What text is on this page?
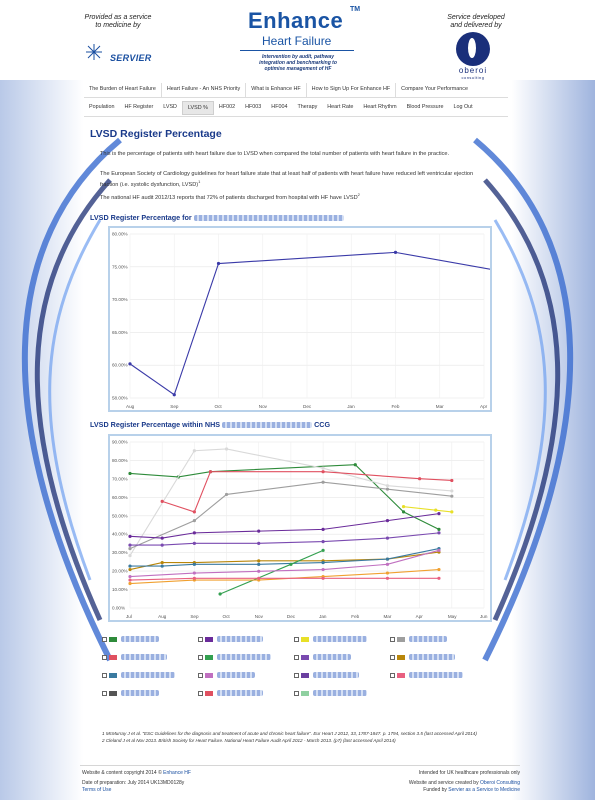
Provided as a service
to medicine by
SERVIER
Enhance TM
Heart Failure
Intervention by audit, pathway integration and benchmarking to optimise management of HF
Service developed
and delivered by
oberoi
consulting
The Burden of Heart Failure	Heart Failure - An NHS Priority	What is Enhance HF	How to Sign Up For Enhance HF	Compare Your Performance
Population	HF Register	LVSD	LVSD %	HF002	HF003	HF004	Therapy	Heart Rate	Heart Rhythm	Blood Pressure	Log Out
LVSD Register Percentage
This is the percentage of patients with heart failure due to LVSD when compared the total number of patients with heart failure in the practice.
The European Society of Cardiology guidelines for heart failure state that at least half of patients with heart failure have reduced left ventricular ejection fraction (i.e. systolic dysfunction, LVSD)$^1$
The national HF audit 2012/13 reports that 72% of patients discharged from hospital with HF have LVSD$^2$
LVSD Register Percentage for
58.00%
60.00%
65.00%
70.00%
75.00%
80.00%
Aug	Sep	Oct	Nov	Dec	Jan	Feb	Mar	Apr
LVSD Register Percentage within NHS	CCG
0.00%
10.00%
20.00%
30.00%
40.00%
50.00%
60.00%
70.00%
80.00%
90.00%
Jul	Aug	Sep	Oct	Nov	Dec	Jan	Feb	Mar	Apr	May	Jun
1 McMurray J et al. "ESC Guidelines for the diagnosis and treatment of acute and chronic heart failure". Eur Heart J 2012, 33, 1787-1847. p. 1794, section 3.5 (last accessed April 2014)
2 Cleland J et al Nov 2013. British Society for Heart Failure. National Heart Failure Audit April 2012 - March 2013. (p7) (last accessed April 2014)
Website & content copyright 2014 © Enhance HF
Date of preparation: July 2014 UK13MD0128y
Terms of Use
Intended for UK healthcare professionals only
Website and service created by Oberoi Consulting
Funded by Servier as a Service to Medicine
